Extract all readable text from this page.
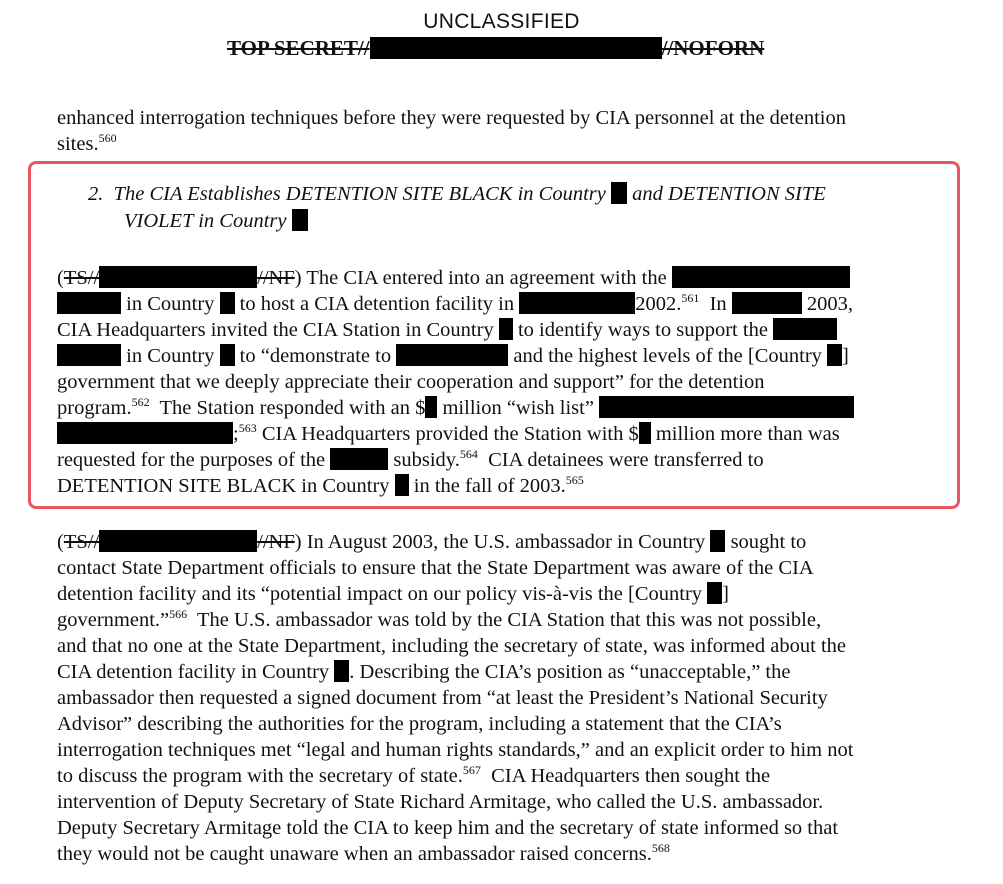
UNCLASSIFIED
TOP SECRET//	//NOFORN
enhanced interrogation techniques before they were requested by CIA personnel at the detention
sites.$^{560}$
2. The CIA Establishes DETENTION SITE BLACK in Country and DETENTION SITE
VIOLET in Country
(TS//	//NF) The CIA entered into an agreement with the
in Country to host a CIA detention facility in	2002.$^{561}$ In	2003,
CIA Headquarters invited the CIA Station in Country to identify ways to support the
in Country to “demonstrate to	and the highest levels of the [Country ]
government that we deeply appreciate their cooperation and support” for the detention
program.$^{562}$ The Station responded with an $ million “wish list”
;$^{563}$ CIA Headquarters provided the Station with $ million more than was
requested for the purposes of the	subsidy.$^{564}$ CIA detainees were transferred to
DETENTION SITE BLACK in Country in the fall of 2003.$^{565}$
(TS//	//NF) In August 2003, the U.S. ambassador in Country sought to
contact State Department officials to ensure that the State Department was aware of the CIA
detention facility and its “potential impact on our policy vis-à-vis the [Country ]
government.”$^{566}$ The U.S. ambassador was told by the CIA Station that this was not possible,
and that no one at the State Department, including the secretary of state, was informed about the
CIA detention facility in Country . Describing the CIA’s position as “unacceptable,” the
ambassador then requested a signed document from “at least the President’s National Security
Advisor” describing the authorities for the program, including a statement that the CIA’s
interrogation techniques met “legal and human rights standards,” and an explicit order to him not
to discuss the program with the secretary of state.$^{567}$ CIA Headquarters then sought the
intervention of Deputy Secretary of State Richard Armitage, who called the U.S. ambassador.
Deputy Secretary Armitage told the CIA to keep him and the secretary of state informed so that
they would not be caught unaware when an ambassador raised concerns.$^{568}$
